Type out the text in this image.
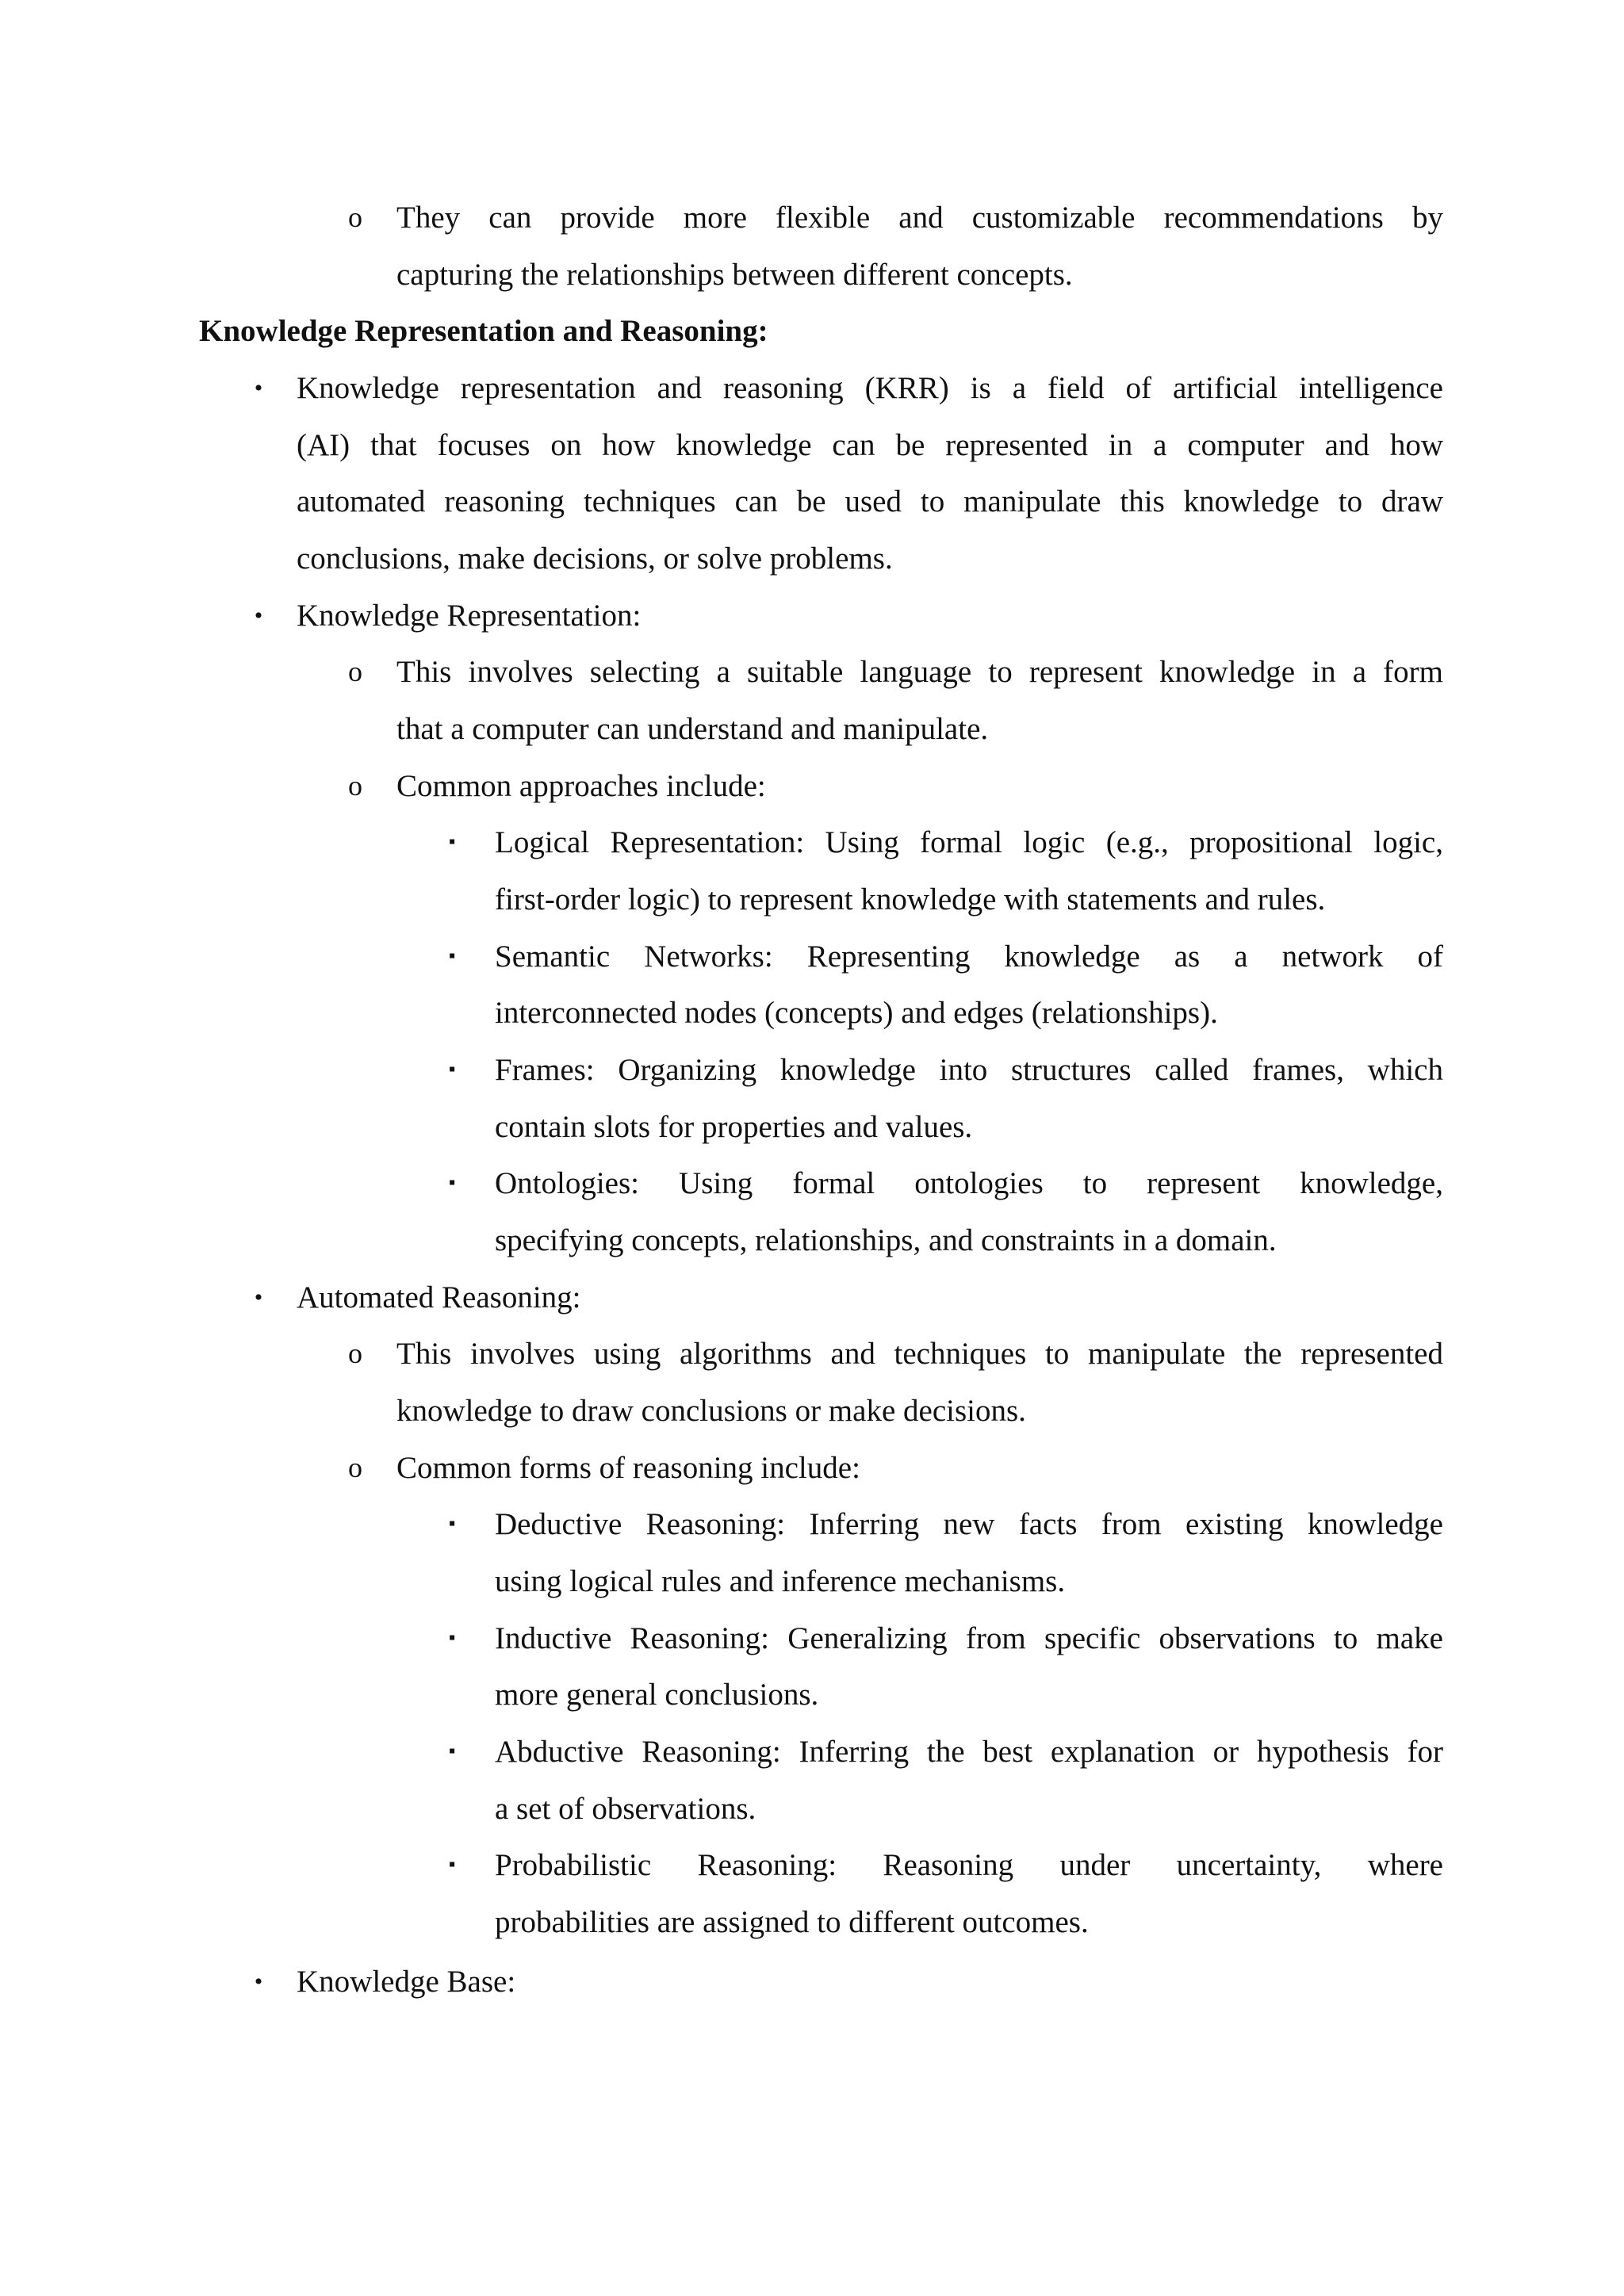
o They can provide more flexible and customizable recommendations by
capturing the relationships between different concepts.
Knowledge Representation and Reasoning:
•	Knowledge representation and reasoning (KRR) is a field of artificial intelligence
(AI) that focuses on how knowledge can be represented in a computer and how
automated reasoning techniques can be used to manipulate this knowledge to draw
conclusions, make decisions, or solve problems.
•	Knowledge Representation:
o This involves selecting a suitable language to represent knowledge in a form
that a computer can understand and manipulate.
o Common approaches include:
▪	Logical Representation: Using formal logic (e.g., propositional logic,
first-order logic) to represent knowledge with statements and rules.
▪	Semantic Networks: Representing knowledge as a network of
interconnected nodes (concepts) and edges (relationships).
▪	Frames: Organizing knowledge into structures called frames, which
contain slots for properties and values.
▪	Ontologies: Using formal ontologies to represent knowledge,
specifying concepts, relationships, and constraints in a domain.
•	Automated Reasoning:
o This involves using algorithms and techniques to manipulate the represented
knowledge to draw conclusions or make decisions.
o Common forms of reasoning include:
▪	Deductive Reasoning: Inferring new facts from existing knowledge
using logical rules and inference mechanisms.
▪	Inductive Reasoning: Generalizing from specific observations to make
more general conclusions.
▪	Abductive Reasoning: Inferring the best explanation or hypothesis for
a set of observations.
▪	Probabilistic Reasoning: Reasoning under uncertainty, where
probabilities are assigned to different outcomes.
•	Knowledge Base:
